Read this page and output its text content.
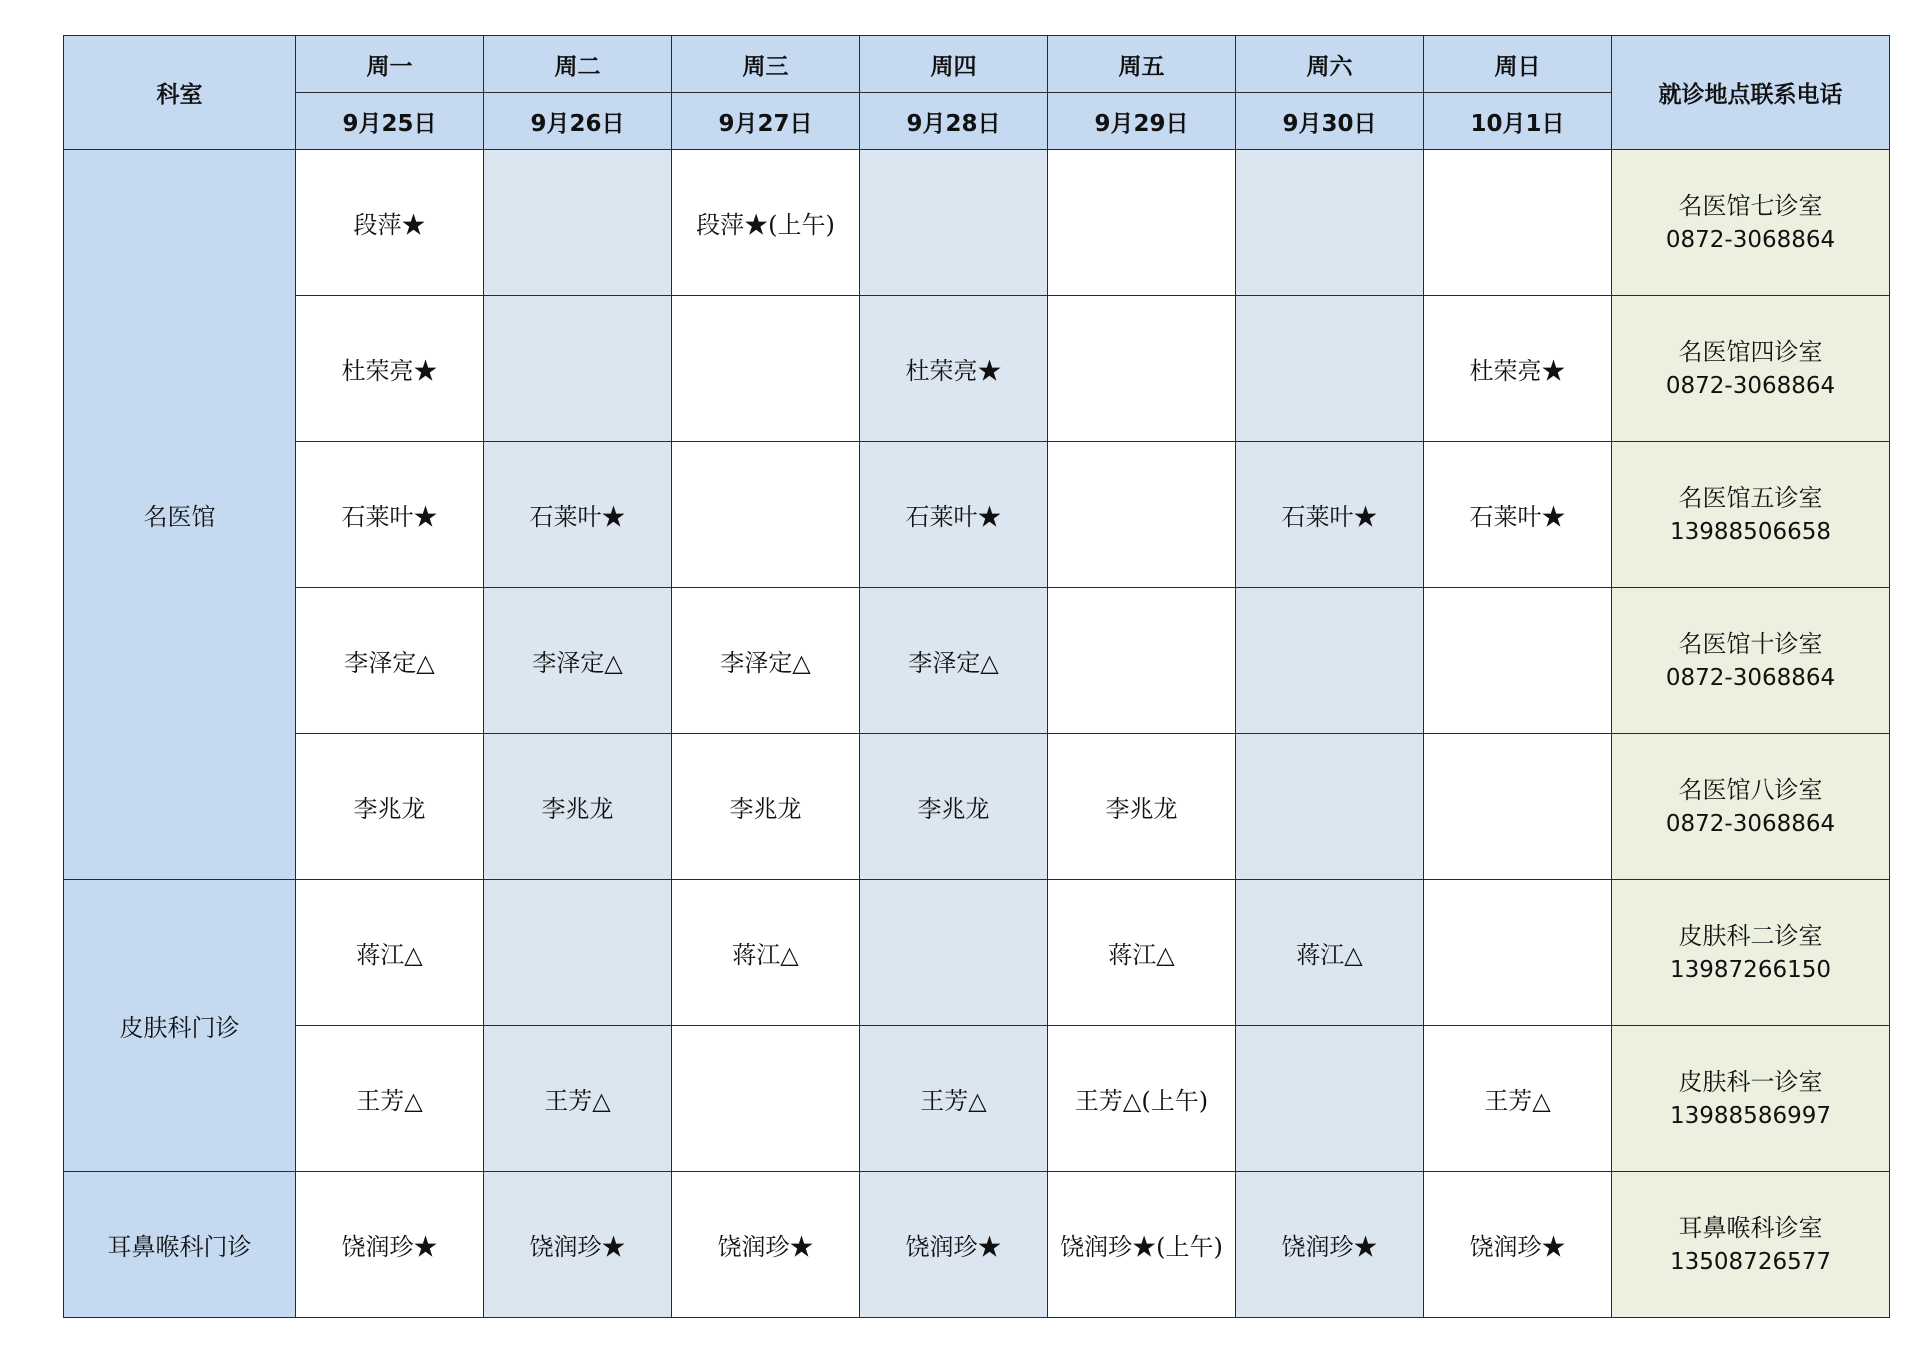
科室	周一	周二	周三	周四	周五	周六	周日	就诊地点联系电话
	9月25日	9月26日	9月27日	9月28日	9月29日	9月30日	10月1日	
名医馆	段萍★		段萍★(上午)					名医馆七诊室
0872-3068864

	杜荣亮★			杜荣亮★			杜荣亮★	名医馆四诊室
0872-3068864

	石莱叶★	石莱叶★		石莱叶★		石莱叶★	石莱叶★	名医馆五诊室
13988506658

	李泽定△	李泽定△	李泽定△	李泽定△				名医馆十诊室
0872-3068864

	李兆龙	李兆龙	李兆龙	李兆龙	李兆龙			名医馆八诊室
0872-3068864

皮肤科门诊	蒋江△		蒋江△		蒋江△	蒋江△		皮肤科二诊室
13987266150

	王芳△	王芳△		王芳△	王芳△(上午)		王芳△	皮肤科一诊室
13988586997

耳鼻喉科门诊	饶润珍★	饶润珍★	饶润珍★	饶润珍★	饶润珍★(上午)	饶润珍★	饶润珍★	耳鼻喉科诊室
13508726577
